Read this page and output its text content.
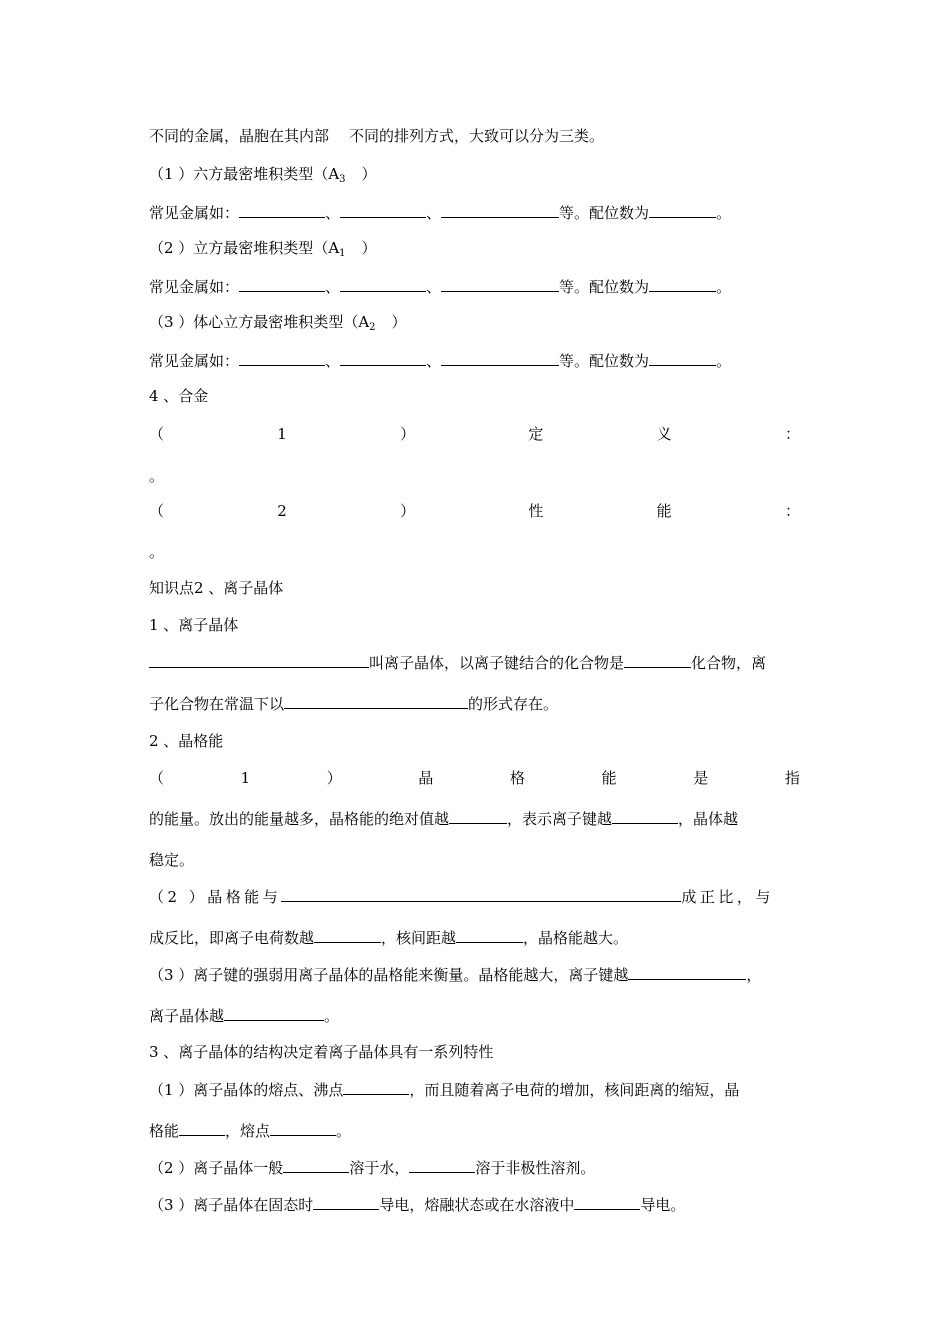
不同的金属，晶胞在其内部 不同的排列方式，大致可以分为三类。
（1 ）六方最密堆积类型（$A_3$ ）
常见金属如：	、	、	等。配位数为	。
（2 ）立方最密堆积类型（$A_1$ ）
常见金属如：	、	、	等。配位数为	。
（3 ）体心立方最密堆积类型（$A_2$ ）
常见金属如：	、	、	等。配位数为	。
4 、合金
（	1	）	定	义	：
。
（	2	）	性	能	：
。
知识点2 、离子晶体
1 、离子晶体
叫离子晶体，以离子键结合的化合物是	化合物，离
子化合物在常温下以	的形式存在。
2 、晶格能
（	1	）	晶	格	能	是	指
的能量。放出的能量越多，晶格能的绝对值越	，表示离子键越	，晶体越
稳定。
（2 ）晶格能与	成正比，与
成反比，即离子电荷数越	，核间距越	，晶格能越大。
（3 ）离子键的强弱用离子晶体的晶格能来衡量。晶格能越大，离子键越	，
离子晶体越	。
3 、离子晶体的结构决定着离子晶体具有一系列特性
（1 ）离子晶体的熔点、沸点	，而且随着离子电荷的增加，核间距离的缩短，晶
格能	，熔点	。
（2 ）离子晶体一般	溶于水，	溶于非极性溶剂。
（3 ）离子晶体在固态时	导电，熔融状态或在水溶液中	导电。
